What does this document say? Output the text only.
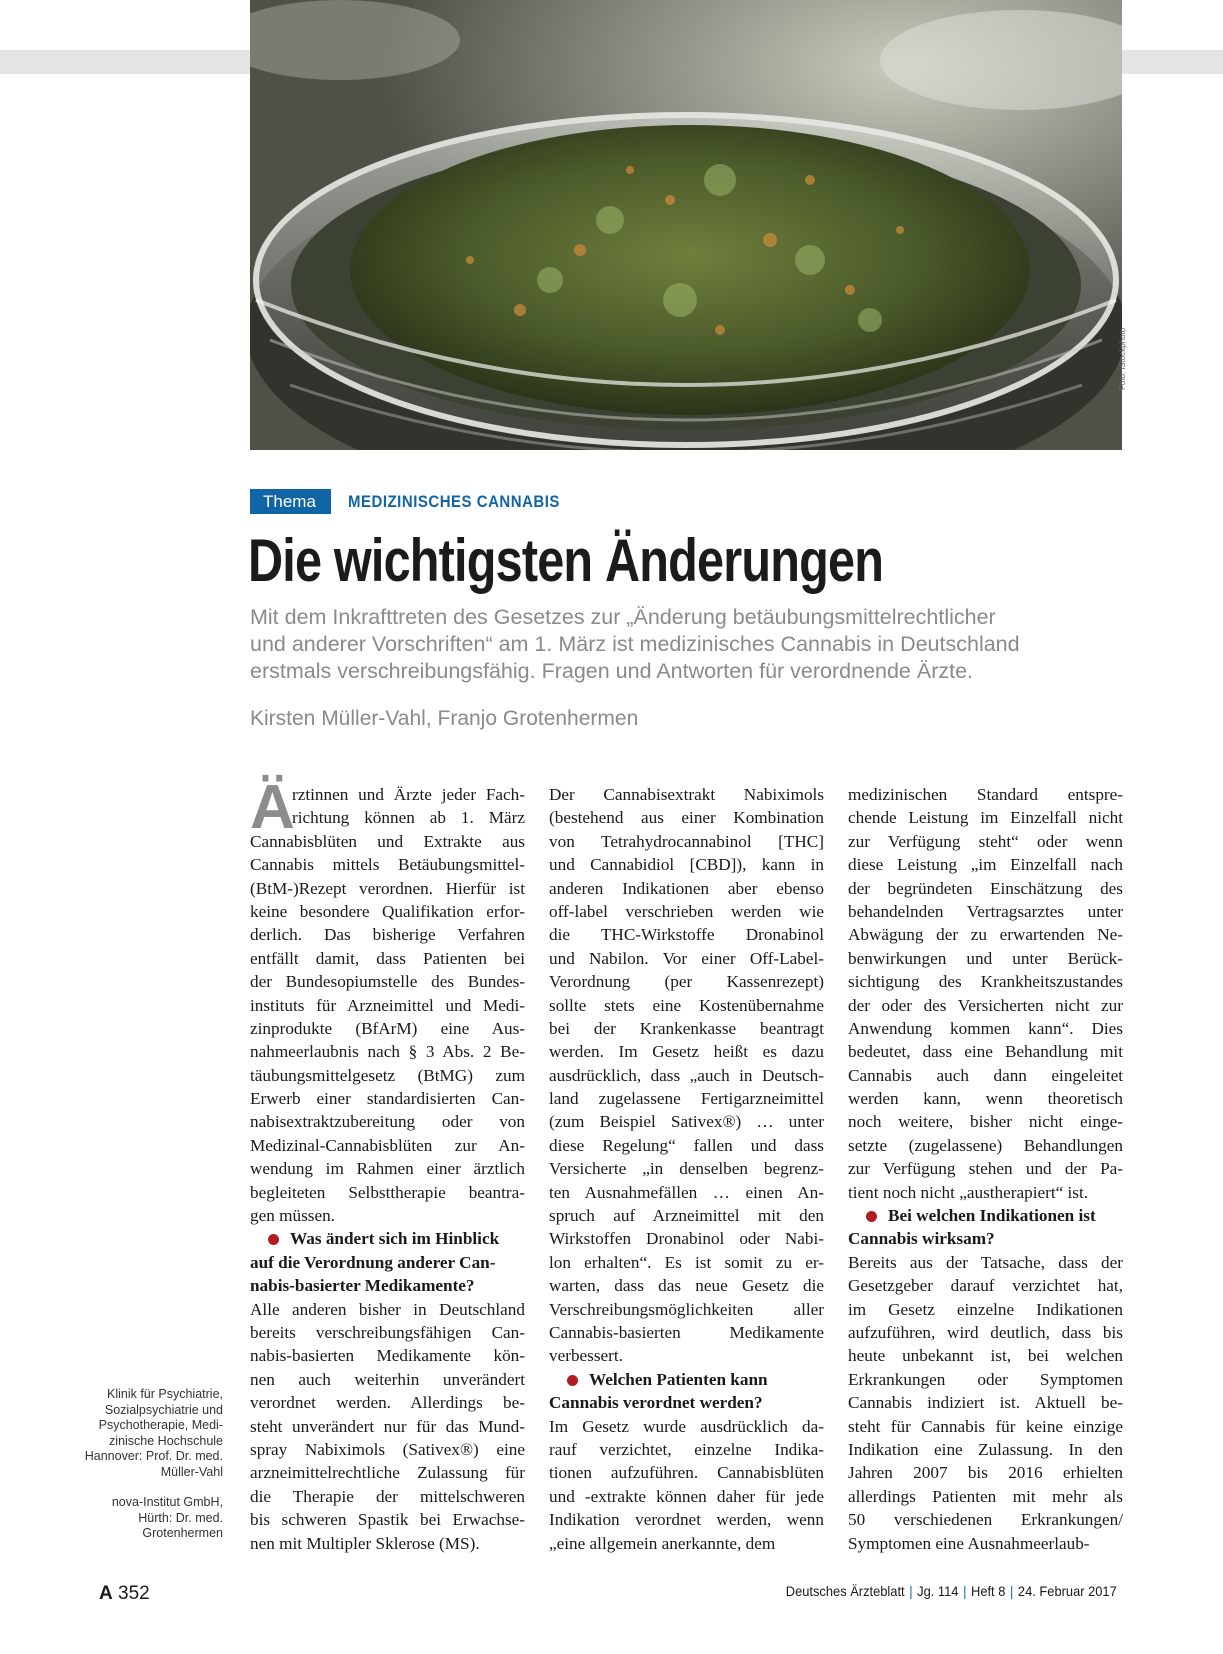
Foto: iStockphoto
Thema	MEDIZINISCHES CANNABIS
Die wichtigsten Änderungen
Mit dem Inkrafttreten des Gesetzes zur „Änderung betäubungsmittelrechtlicher
und anderer Vorschriften“ am 1. März ist medizinisches Cannabis in Deutschland
erstmals verschreibungsfähig. Fragen und Antworten für verordnende Ärzte.
Kirsten Müller-Vahl, Franjo Grotenhermen
Klinik für Psychiatrie,
Sozialpsychiatrie und
Psychotherapie, Medi-
zinische Hochschule
Hannover: Prof. Dr. med.
Müller-Vahl
nova-Institut GmbH,
Hürth: Dr. med.
Grotenhermen
Ä
rztinnen und Ärzte jeder Fach-
richtung können ab 1. März
Cannabisblüten und Extrakte aus
Cannabis mittels Betäubungsmittel-
(BtM-)Rezept verordnen. Hierfür ist
keine besondere Qualifikation erfor-
derlich. Das bisherige Verfahren
entfällt damit, dass Patienten bei
der Bundesopiumstelle des Bundes-
instituts für Arzneimittel und Medi-
zinprodukte (BfArM) eine Aus-
nahmeerlaubnis nach § 3 Abs. 2 Be-
täubungsmittelgesetz (BtMG) zum
Erwerb einer standardisierten Can-
nabisextraktzubereitung oder von
Medizinal-Cannabisblüten zur An-
wendung im Rahmen einer ärztlich
begleiteten Selbsttherapie beantra-
gen müssen.
Was ändert sich im Hinblick
auf die Verordnung anderer Can-
nabis-basierter Medikamente?
Alle anderen bisher in Deutschland
bereits verschreibungsfähigen Can-
nabis-basierten Medikamente kön-
nen auch weiterhin unverändert
verordnet werden. Allerdings be-
steht unverändert nur für das Mund-
spray Nabiximols (Sativex®) eine
arzneimittelrechtliche Zulassung für
die Therapie der mittelschweren
bis schweren Spastik bei Erwachse-
nen mit Multipler Sklerose (MS).
Der Cannabisextrakt Nabiximols
(bestehend aus einer Kombination
von Tetrahydrocannabinol [THC]
und Cannabidiol [CBD]), kann in
anderen Indikationen aber ebenso
off-label verschrieben werden wie
die THC-Wirkstoffe Dronabinol
und Nabilon. Vor einer Off-Label-
Verordnung (per Kassenrezept)
sollte stets eine Kostenübernahme
bei der Krankenkasse beantragt
werden. Im Gesetz heißt es dazu
ausdrücklich, dass „auch in Deutsch-
land zugelassene Fertigarzneimittel
(zum Beispiel Sativex®) … unter
diese Regelung“ fallen und dass
Versicherte „in denselben begrenz-
ten Ausnahmefällen … einen An-
spruch auf Arzneimittel mit den
Wirkstoffen Dronabinol oder Nabi-
lon erhalten“. Es ist somit zu er-
warten, dass das neue Gesetz die
Verschreibungsmöglichkeiten aller
Cannabis-basierten Medikamente
verbessert.
Welchen Patienten kann
Cannabis verordnet werden?
Im Gesetz wurde ausdrücklich da-
rauf verzichtet, einzelne Indika-
tionen aufzuführen. Cannabisblüten
und -extrakte können daher für jede
Indikation verordnet werden, wenn
„eine allgemein anerkannte, dem
medizinischen Standard entspre-
chende Leistung im Einzelfall nicht
zur Verfügung steht“ oder wenn
diese Leistung „im Einzelfall nach
der begründeten Einschätzung des
behandelnden Vertragsarztes unter
Abwägung der zu erwartenden Ne-
benwirkungen und unter Berück-
sichtigung des Krankheitszustandes
der oder des Versicherten nicht zur
Anwendung kommen kann“. Dies
bedeutet, dass eine Behandlung mit
Cannabis auch dann eingeleitet
werden kann, wenn theoretisch
noch weitere, bisher nicht einge-
setzte (zugelassene) Behandlungen
zur Verfügung stehen und der Pa-
tient noch nicht „austherapiert“ ist.
Bei welchen Indikationen ist
Cannabis wirksam?
Bereits aus der Tatsache, dass der
Gesetzgeber darauf verzichtet hat,
im Gesetz einzelne Indikationen
aufzuführen, wird deutlich, dass bis
heute unbekannt ist, bei welchen
Erkrankungen oder Symptomen
Cannabis indiziert ist. Aktuell be-
steht für Cannabis für keine einzige
Indikation eine Zulassung. In den
Jahren 2007 bis 2016 erhielten
allerdings Patienten mit mehr als
50 verschiedenen Erkrankungen/
Symptomen eine Ausnahmeerlaub-
A 352	Deutsches Ärzteblatt | Jg. 114 | Heft 8 | 24. Februar 2017
